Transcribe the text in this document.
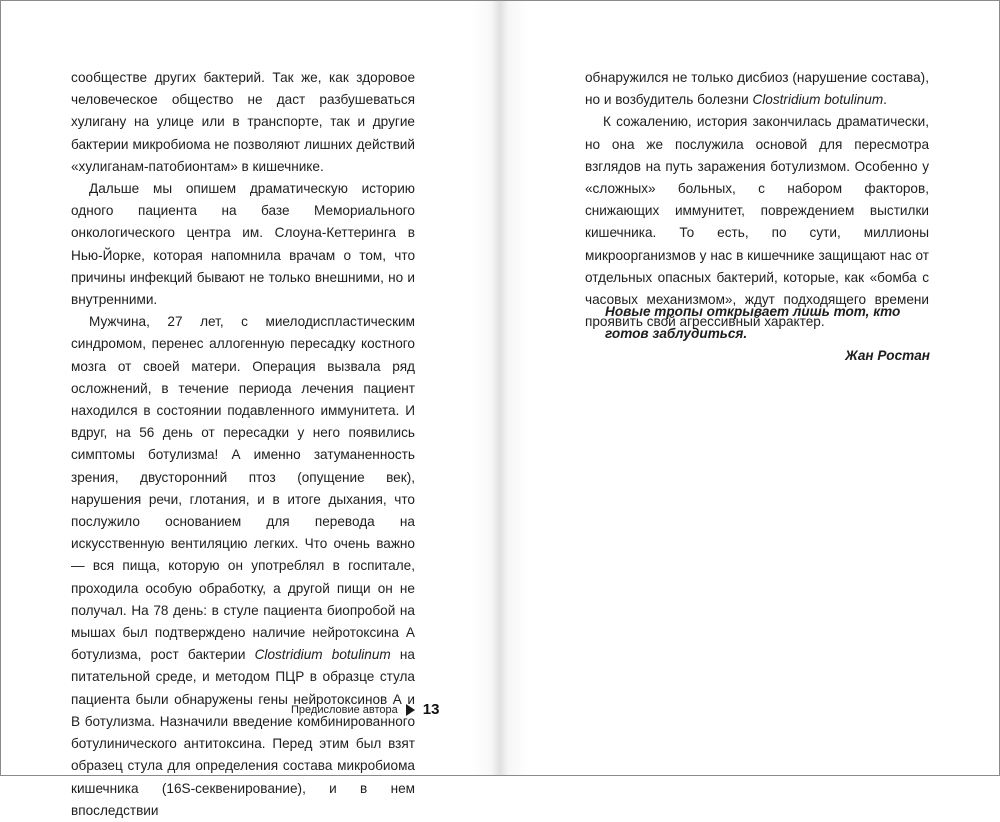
сообществе других бактерий. Так же, как здоровое человеческое общество не даст разбушеваться хулигану на улице или в транспорте, так и другие бактерии микробиома не позволяют лишних действий «хулиганам-патобионтам» в кишечнике.

Дальше мы опишем драматическую историю одного пациента на базе Мемориального онкологического центра им. Слоуна-Кеттеринга в Нью-Йорке, которая напомнила врачам о том, что причины инфекций бывают не только внешними, но и внутренними.

Мужчина, 27 лет, с миелодиспластическим синдромом, перенес аллогенную пересадку костного мозга от своей матери. Операция вызвала ряд осложнений, в течение периода лечения пациент находился в состоянии подавленного иммунитета. И вдруг, на 56 день от пересадки у него появились симптомы ботулизма! А именно затуманенность зрения, двусторонний птоз (опущение век), нарушения речи, глотания, и в итоге дыхания, что послужило основанием для перевода на искусственную вентиляцию легких. Что очень важно — вся пища, которую он употреблял в госпитале, проходила особую обработку, а другой пищи он не получал. На 78 день: в стуле пациента биопробой на мышах был подтверждено наличие нейротоксина А ботулизма, рост бактерии Clostridium botulinum на питательной среде, и методом ПЦР в образце стула пациента были обнаружены гены нейротоксинов А и В ботулизма. Назначили введение комбинированного ботулинического антитоксина. Перед этим был взят образец стула для определения состава микробиома кишечника (16S-секвенирование), и в нем впоследствии

Предисловие автора 13

обнаружился не только дисбиоз (нарушение состава), но и возбудитель болезни Clostridium botulinum.

К сожалению, история закончилась драматически, но она же послужила основой для пересмотра взглядов на путь заражения ботулизмом. Особенно у «сложных» больных, с набором факторов, снижающих иммунитет, повреждением выстилки кишечника. То есть, по сути, миллионы микроорганизмов у нас в кишечнике защищают нас от отдельных опасных бактерий, которые, как «бомба с часовых механизмом», ждут подходящего времени проявить свой агрессивный характер.

Новые тропы открывает лишь тот, кто готов заблудиться.

Жан Ростан
